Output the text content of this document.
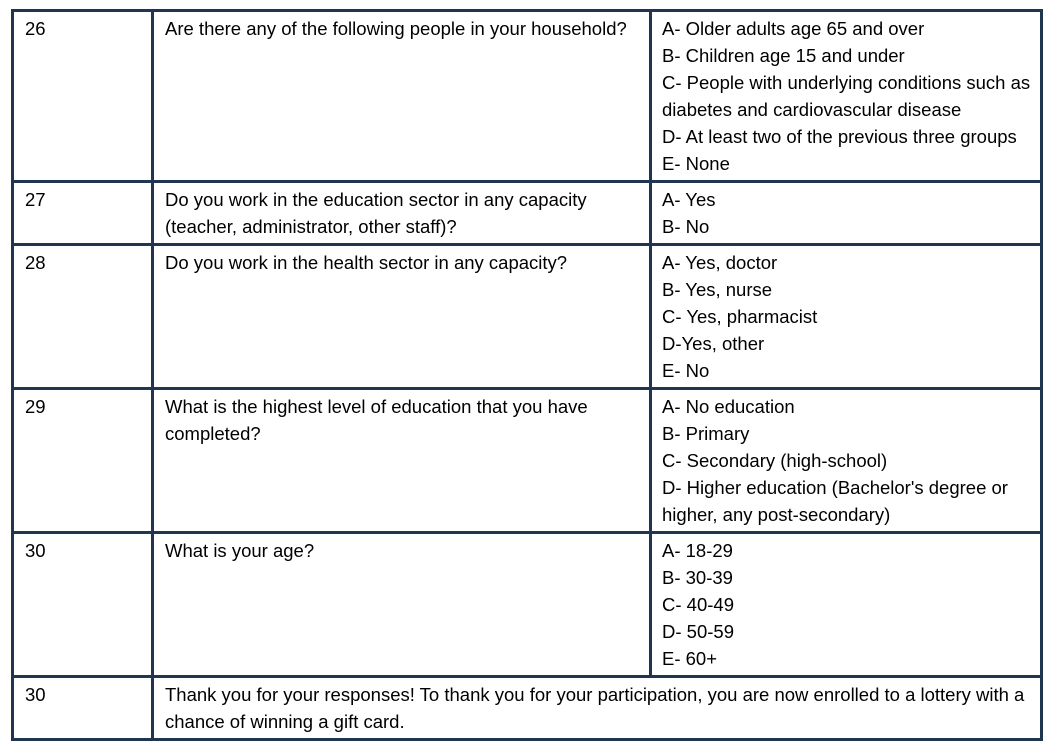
26	Are there any of the following people in your household?	A- Older adults age 65 and over
B- Children age 15 and under
C- People with underlying conditions such as diabetes and cardiovascular disease
D- At least two of the previous three groups
E- None

27	Do you work in the education sector in any capacity (teacher, administrator, other staff)?	A- Yes
B- No

28	Do you work in the health sector in any capacity?	A- Yes, doctor
B- Yes, nurse
C- Yes, pharmacist
D-Yes, other
E- No

29	What is the highest level of education that you have completed?	A- No education
B- Primary
C- Secondary (high-school)
D- Higher education (Bachelor's degree or higher, any post-secondary)

30	What is your age?	A- 18-29
B- 30-39
C- 40-49
D- 50-59
E- 60+

30	Thank you for your responses! To thank you for your participation, you are now enrolled to a lottery with a chance of winning a gift card.	
